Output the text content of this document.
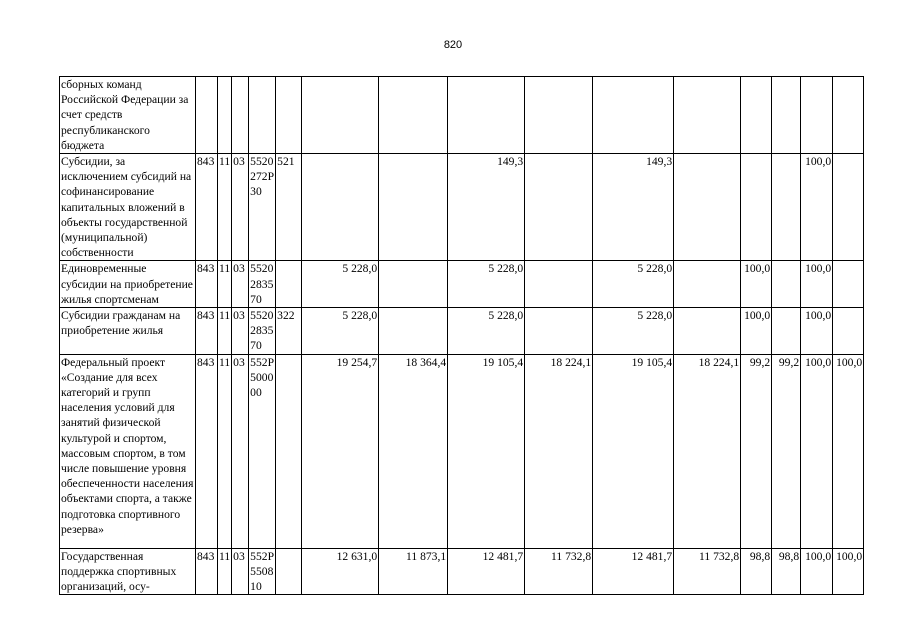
820
сборных команд Российской Федерации за счет средств республиканского бюджета															
Субсидии, за исключением субсидий на софинансирование капитальных вложений в объекты государственной (муниципальной) собственности	843	11	03	5520272P30	521			149,3		149,3				100,0	
Единовременные субсидии на приобретение жилья спортсменам	843	11	03	5520283570		5 228,0		5 228,0		5 228,0		100,0		100,0	
Субсидии гражданам на приобретение жилья	843	11	03	5520283570	322	5 228,0		5 228,0		5 228,0		100,0		100,0	
Федеральный проект «Создание для всех категорий и групп населения условий для занятий физической культурой и спортом, массовым спортом, в том числе повышение уровня обеспеченности населения объектами спорта, а также подготовка спортивного резерва»	843	11	03	552P500000		19 254,7	18 364,4	19 105,4	18 224,1	19 105,4	18 224,1	99,2	99,2	100,0	100,0
Государственная поддержка спортивных организаций, осу-	843	11	03	552P550810		12 631,0	11 873,1	12 481,7	11 732,8	12 481,7	11 732,8	98,8	98,8	100,0	100,0
